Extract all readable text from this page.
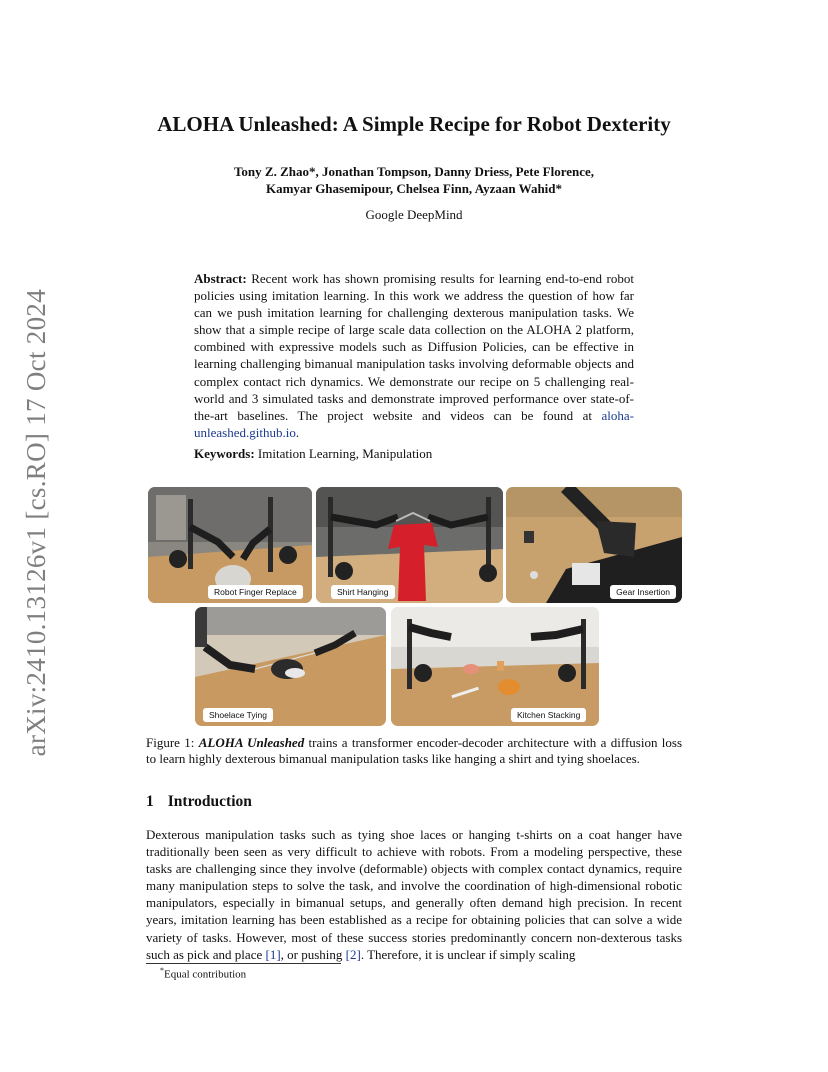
arXiv:2410.13126v1 [cs.RO] 17 Oct 2024
ALOHA Unleashed: A Simple Recipe for Robot Dexterity
Tony Z. Zhao*, Jonathan Tompson, Danny Driess, Pete Florence,
Kamyar Ghasemipour, Chelsea Finn, Ayzaan Wahid*
Google DeepMind
Abstract: Recent work has shown promising results for learning end-to-end robot policies using imitation learning. In this work we address the question of how far can we push imitation learning for challenging dexterous manipulation tasks. We show that a simple recipe of large scale data collection on the ALOHA 2 platform, combined with expressive models such as Diffusion Policies, can be effective in learning challenging bimanual manipulation tasks involving deformable objects and complex contact rich dynamics. We demonstrate our recipe on 5 challenging real-world and 3 simulated tasks and demonstrate improved performance over state-of-the-art baselines. The project website and videos can be found at aloha-unleashed.github.io.
Keywords: Imitation Learning, Manipulation
Robot Finger Replace	Shirt Hanging	Gear Insertion
Shoelace Tying	Kitchen Stacking
Figure 1: ALOHA Unleashed trains a transformer encoder-decoder architecture with a diffusion loss to learn highly dexterous bimanual manipulation tasks like hanging a shirt and tying shoelaces.
1 Introduction
Dexterous manipulation tasks such as tying shoe laces or hanging t-shirts on a coat hanger have traditionally been seen as very difficult to achieve with robots. From a modeling perspective, these tasks are challenging since they involve (deformable) objects with complex contact dynamics, require many manipulation steps to solve the task, and involve the coordination of high-dimensional robotic manipulators, especially in bimanual setups, and generally often demand high precision. In recent years, imitation learning has been established as a recipe for obtaining policies that can solve a wide variety of tasks. However, most of these success stories predominantly concern non-dexterous tasks such as pick and place [1], or pushing [2]. Therefore, it is unclear if simply scaling
*Equal contribution
